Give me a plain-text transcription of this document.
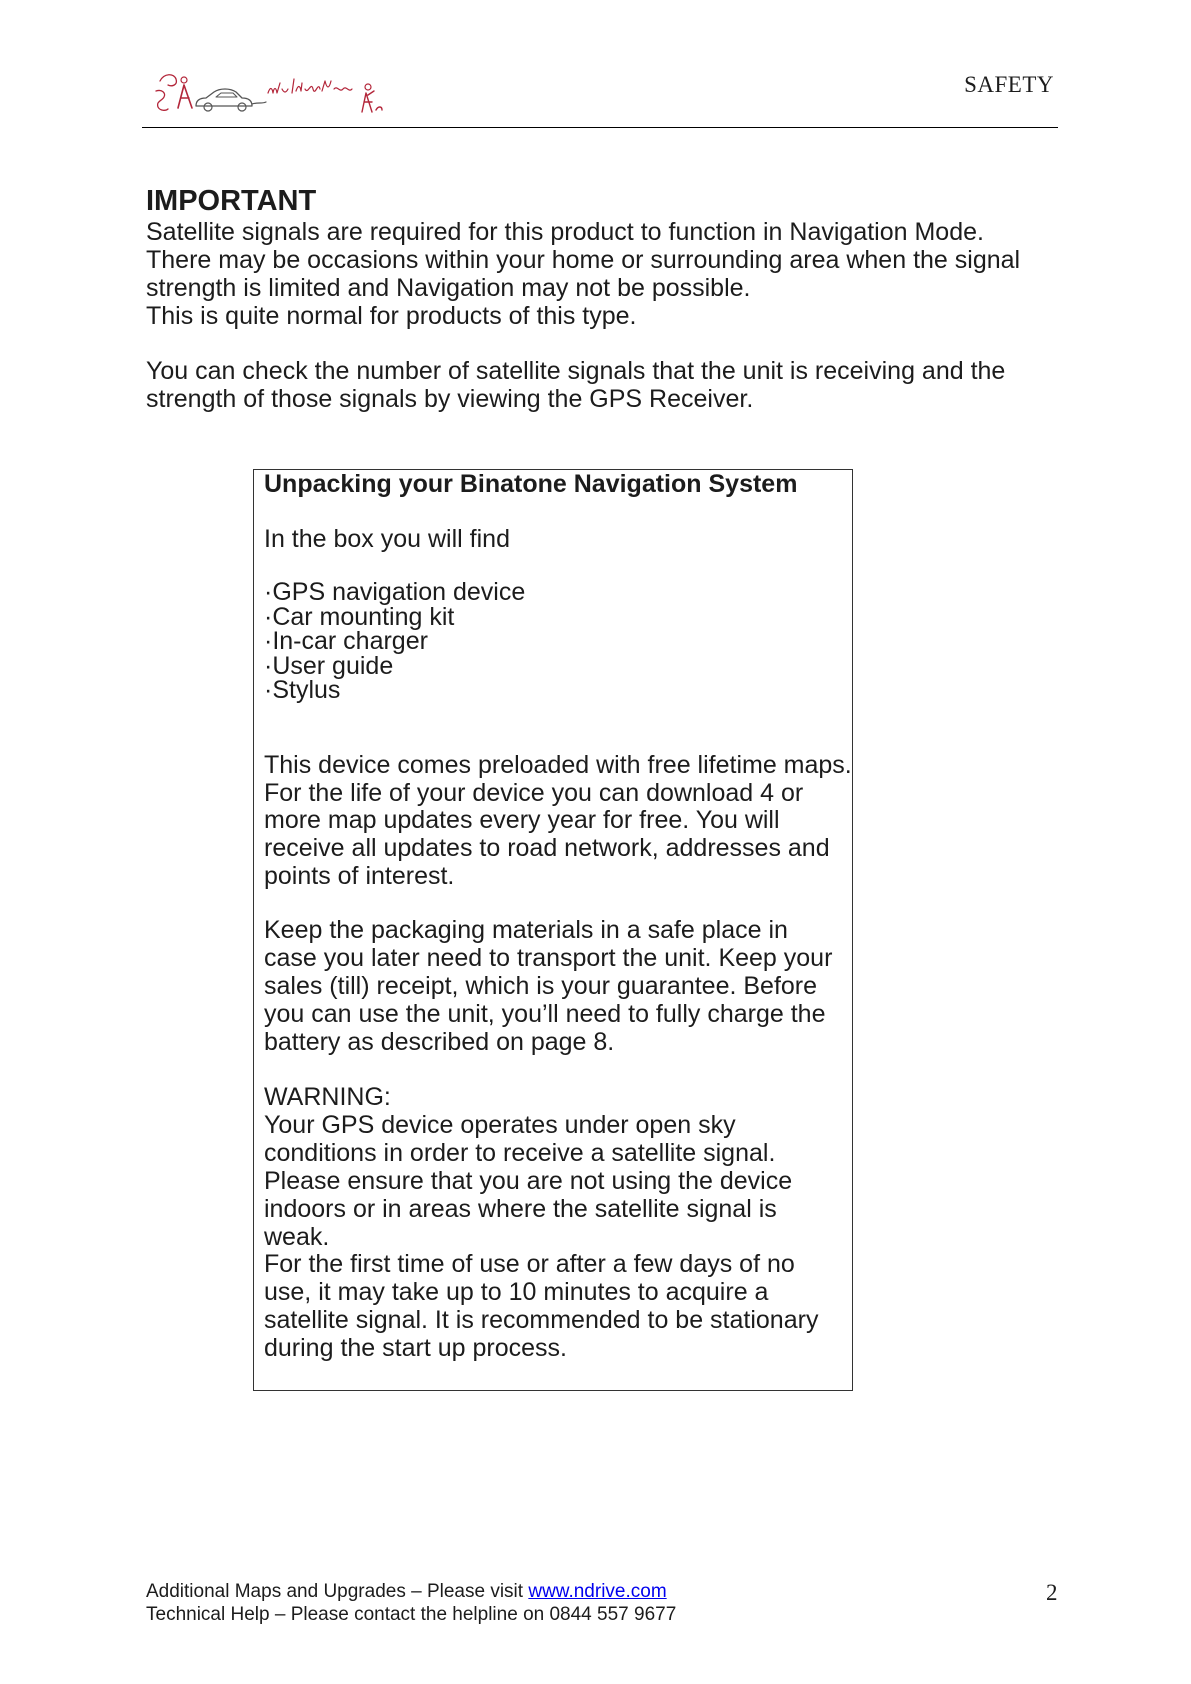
SAFETY
IMPORTANT
Satellite signals are required for this product to function in Navigation Mode.
There may be occasions within your home or surrounding area when the signal
strength is limited and Navigation may not be possible.
This is quite normal for products of this type.
You can check the number of satellite signals that the unit is receiving and the
strength of those signals by viewing the GPS Receiver.
Unpacking your Binatone Navigation System
In the box you will find
·GPS navigation device
·Car mounting kit
·In-car charger
·User guide
·Stylus
This device comes preloaded with free lifetime maps.
For the life of your device you can download 4 or
more map updates every year for free. You will
receive all updates to road network, addresses and
points of interest.
Keep the packaging materials in a safe place in
case you later need to transport the unit. Keep your
sales (till) receipt, which is your guarantee. Before
you can use the unit, you’ll need to fully charge the
battery as described on page 8.
WARNING:
Your GPS device operates under open sky
conditions in order to receive a satellite signal.
Please ensure that you are not using the device
indoors or in areas where the satellite signal is
weak.
For the first time of use or after a few days of no
use, it may take up to 10 minutes to acquire a
satellite signal. It is recommended to be stationary
during the start up process.
Additional Maps and Upgrades – Please visit www.ndrive.com
Technical Help – Please contact the helpline on 0844 557 9677
2
